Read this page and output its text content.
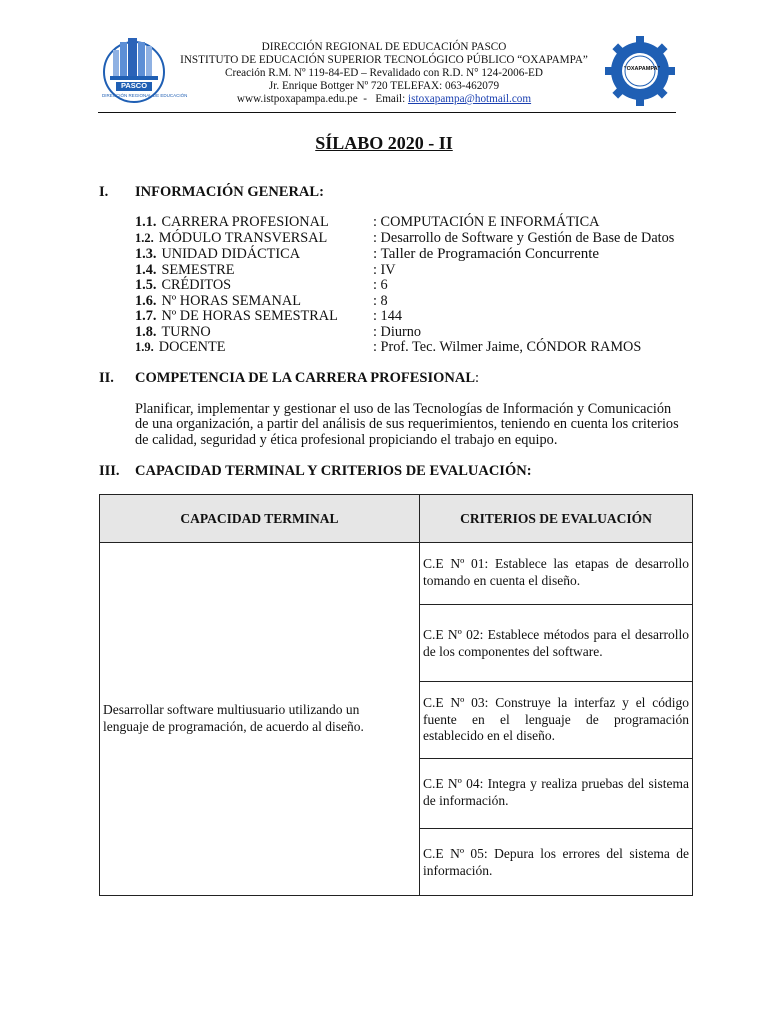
PASCO
DIRECCIÓN REGIONAL DE EDUCACIÓN
"OXAPAMPA"
DIRECCIÓN REGIONAL DE EDUCACIÓN PASCO
INSTITUTO DE EDUCACIÓN SUPERIOR TECNOLÓGICO PÚBLICO “OXAPAMPA”
Creación R.M. Nº 119-84-ED – Revalidado con R.D. N° 124-2006-ED
Jr. Enrique Bottger Nº 720 TELEFAX: 063-462079
www.istpoxapampa.edu.pe  -   Email: istoxapampa@hotmail.com
SÍLABO 2020 - II
I. INFORMACIÓN GENERAL:
1.1. CARRERA PROFESIONAL	: COMPUTACIÓN E INFORMÁTICA
1.2. MÓDULO TRANSVERSAL	: Desarrollo de Software y Gestión de Base de Datos
1.3. UNIDAD DIDÁCTICA	: Taller de Programación Concurrente
1.4. SEMESTRE	: IV
1.5. CRÉDITOS	: 6
1.6. Nº HORAS SEMANAL	: 8
1.7. Nº DE HORAS SEMESTRAL : 144
1.8. TURNO	: Diurno
1.9. DOCENTE	: Prof. Tec. Wilmer Jaime, CÓNDOR RAMOS
II. COMPETENCIA DE LA CARRERA PROFESIONAL:
Planificar, implementar y gestionar el uso de las Tecnologías de Información y Comunicación de una organización, a partir del análisis de sus requerimientos, teniendo en cuenta los criterios de calidad, seguridad y ética profesional propiciando el trabajo en equipo.
III. CAPACIDAD TERMINAL Y CRITERIOS DE EVALUACIÓN:
CAPACIDAD TERMINAL	CRITERIOS DE EVALUACIÓN
Desarrollar software multiusuario utilizando un lenguaje de programación, de acuerdo al diseño.
C.E Nº 01: Establece las etapas de desarrollo tomando en cuenta el diseño.
C.E Nº 02: Establece métodos para el desarrollo de los componentes del software.
C.E Nº 03: Construye la interfaz y el código fuente en el lenguaje de programación establecido en el diseño.
C.E Nº 04: Integra y realiza pruebas del sistema de información.
C.E Nº 05: Depura los errores del sistema de información.
